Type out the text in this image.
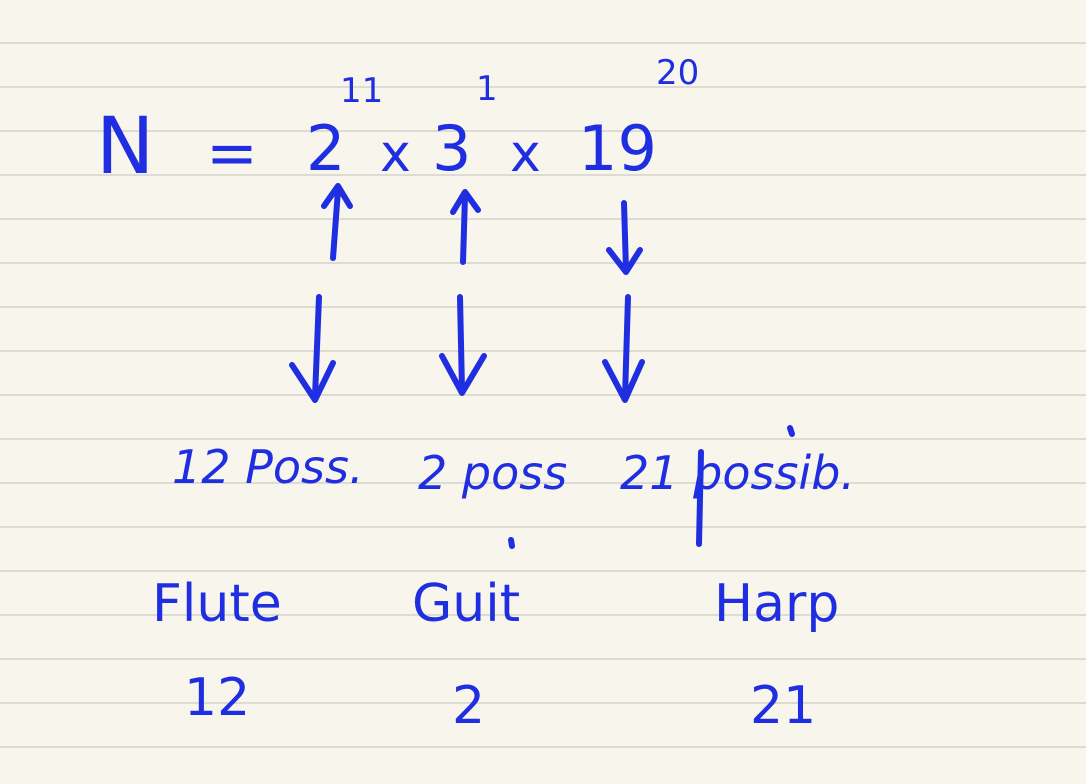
N = 2
11
x 3
1
x 19
20
12 Poss. 2 poss 21 possib.
Flute	Guit	Harp
12	2	21
